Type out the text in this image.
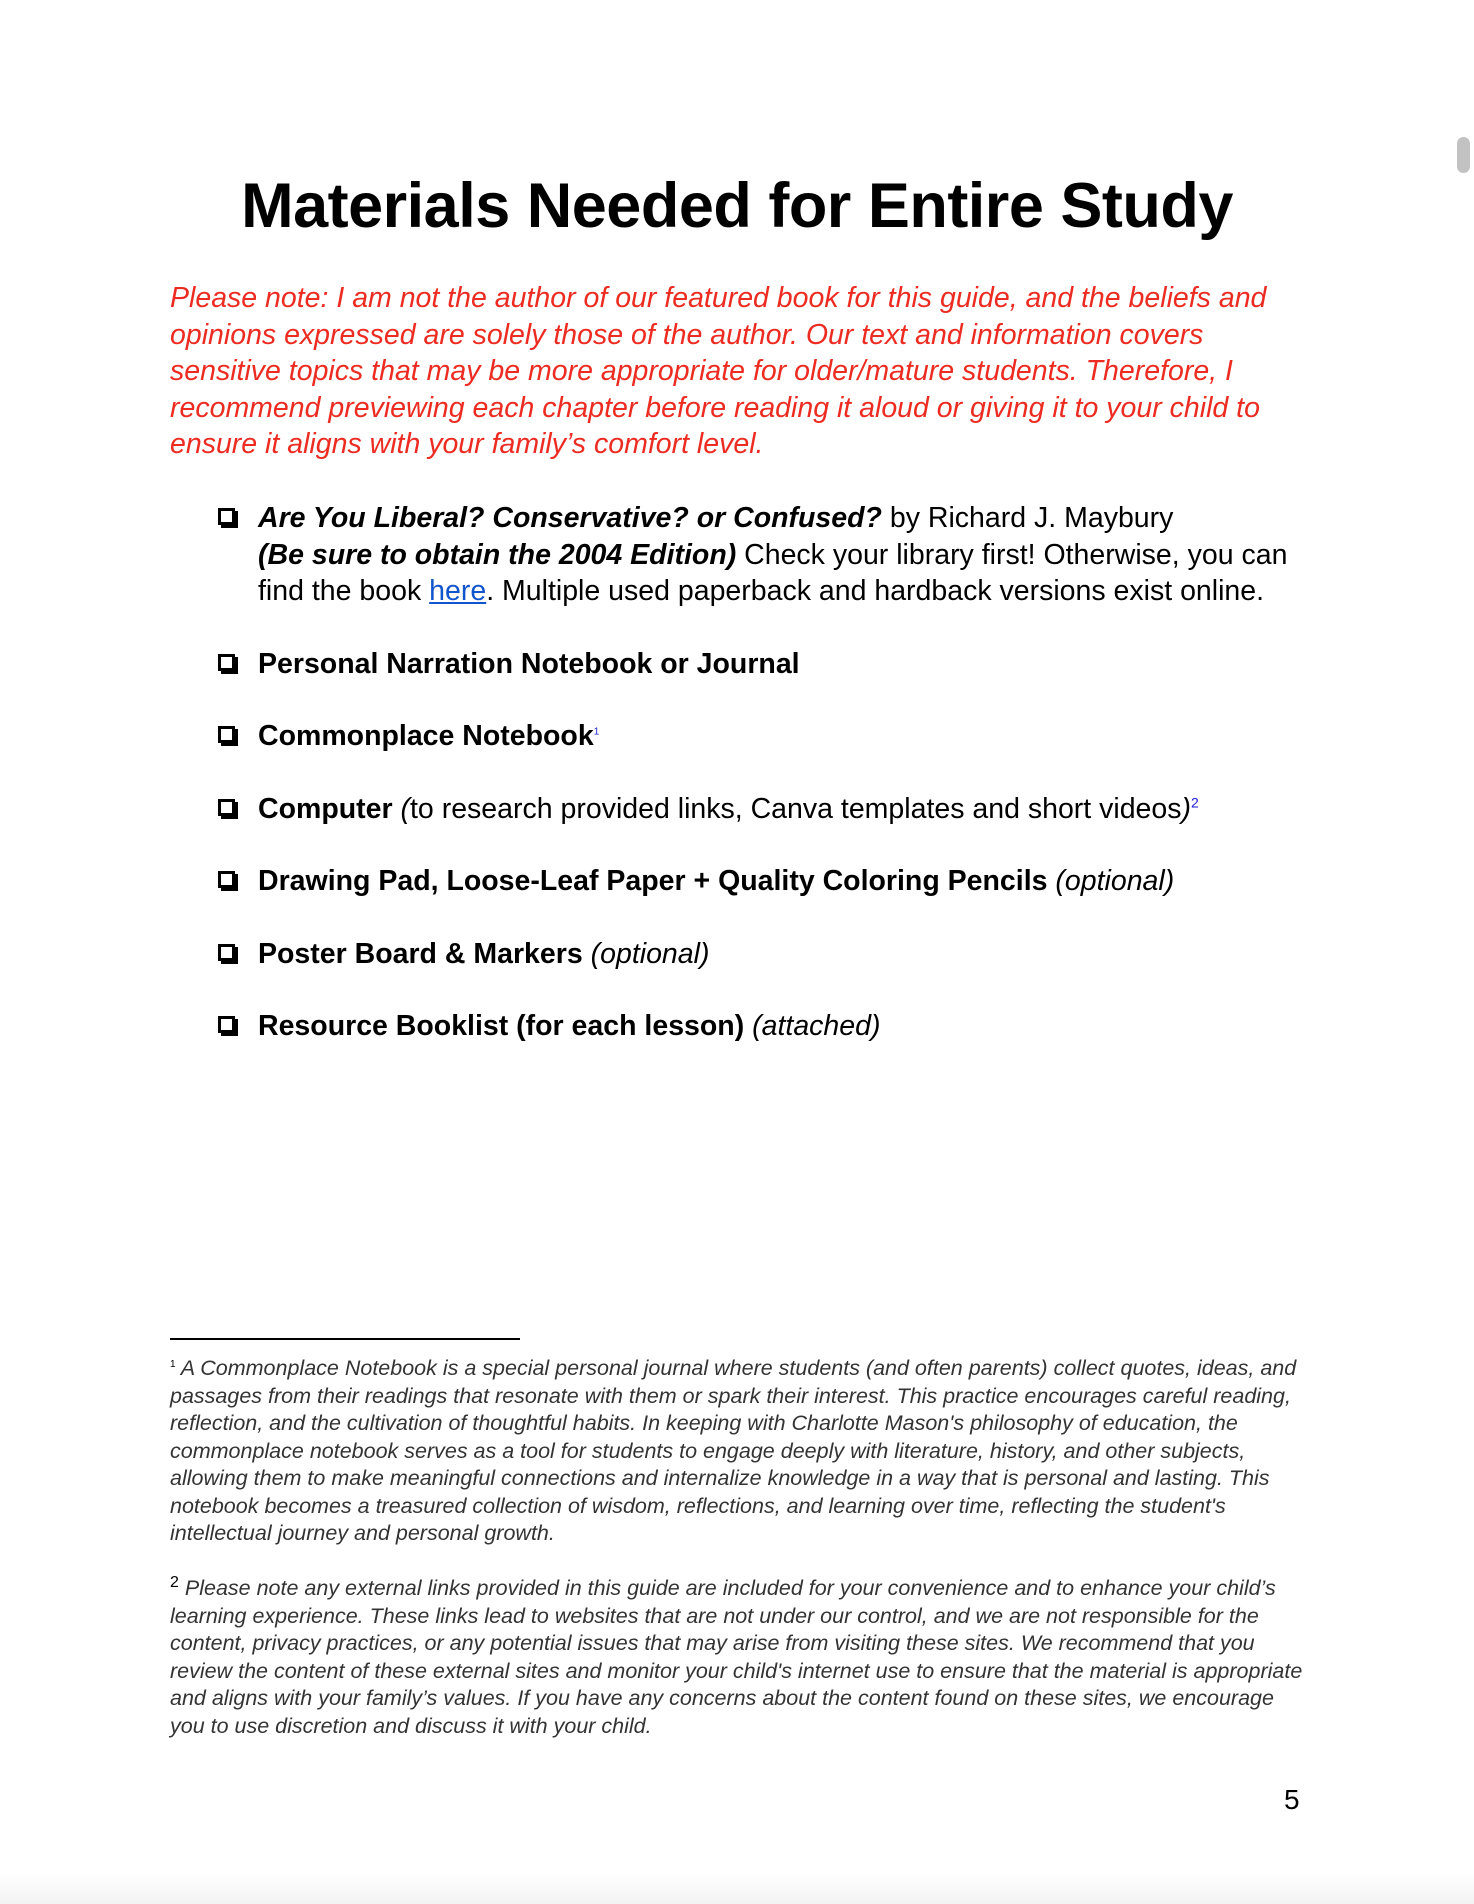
Materials Needed for Entire Study

Please note: I am not the author of our featured book for this guide, and the beliefs and opinions expressed are solely those of the author. Our text and information covers sensitive topics that may be more appropriate for older/mature students. Therefore, I recommend previewing each chapter before reading it aloud or giving it to your child to ensure it aligns with your family’s comfort level.

Are You Liberal? Conservative? or Confused? by Richard J. Maybury
(Be sure to obtain the 2004 Edition) Check your library first! Otherwise, you can find the book here. Multiple used paperback and hardback versions exist online.
Personal Narration Notebook or Journal
Commonplace Notebook$^1$
Computer (to research provided links, Canva templates and short videos)$^2$
Drawing Pad, Loose-Leaf Paper + Quality Coloring Pencils (optional)
Poster Board & Markers (optional)
Resource Booklist (for each lesson) (attached)

$^1$ A Commonplace Notebook is a special personal journal where students (and often parents) collect quotes, ideas, and passages from their readings that resonate with them or spark their interest. This practice encourages careful reading, reflection, and the cultivation of thoughtful habits. In keeping with Charlotte Mason's philosophy of education, the commonplace notebook serves as a tool for students to engage deeply with literature, history, and other subjects, allowing them to make meaningful connections and internalize knowledge in a way that is personal and lasting. This notebook becomes a treasured collection of wisdom, reflections, and learning over time, reflecting the student's intellectual journey and personal growth.

$^2$ Please note any external links provided in this guide are included for your convenience and to enhance your child’s learning experience. These links lead to websites that are not under our control, and we are not responsible for the content, privacy practices, or any potential issues that may arise from visiting these sites. We recommend that you review the content of these external sites and monitor your child's internet use to ensure that the material is appropriate and aligns with your family’s values. If you have any concerns about the content found on these sites, we encourage you to use discretion and discuss it with your child.

5
